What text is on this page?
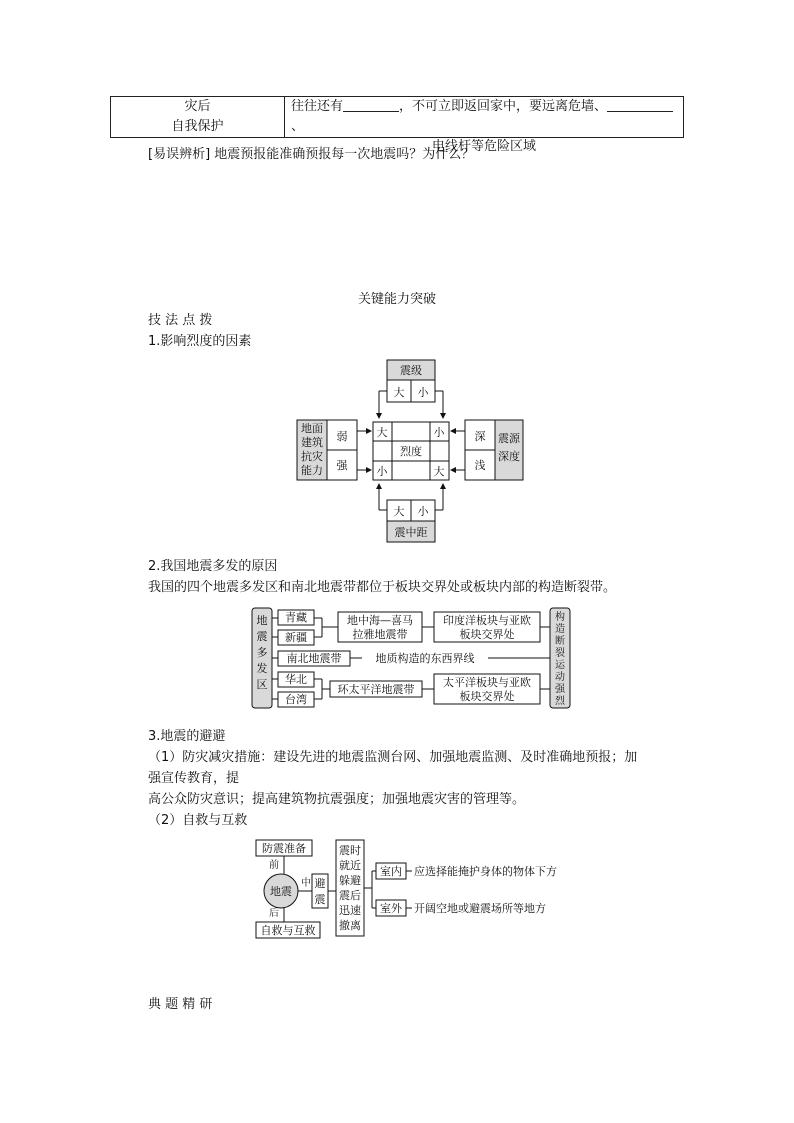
灾后
自我保护
往往还有	，不可立即返回家中，要远离危墙、、
电线杆等危险区域
[易误辨析] 地震预报能准确预报每一次地震吗？为什么？
关键能力突破
技 法 点 拨
1.影响烈度的因素
震级
大 小
大	小
烈度
小	大
地面
建筑
抗灾
能力
弱
强
深
浅
震源
深度
大 小
震中距
2.我国地震多发的原因
我国的四个地震多发区和南北地震带都位于板块交界处或板块内部的构造断裂带。
地
震
多
发
区
构
造
断
裂
运
动
强
烈
青藏
新疆
南北地震带
华北
台湾
地中海—喜马
拉雅地震带
印度洋板块与亚欧
板块交界处
地质构造的东西界线
环太平洋地震带
太平洋板块与亚欧
板块交界处
3.地震的避避
（1）防灾减灾措施：建设先进的地震监测台网、加强地震监测、及时准确地预报；加
强宣传教育，提
高公众防灾意识；提高建筑物抗震强度；加强地震灾害的管理等。
（2）自救与互救
防震准备
前
地震
中 避
震
后
自救与互救
震时
就近
躲避
震后
迅速
撤离
室内 应选择能掩护身体的物体下方
室外 开阔空地或避震场所等地方
典 题 精 研
